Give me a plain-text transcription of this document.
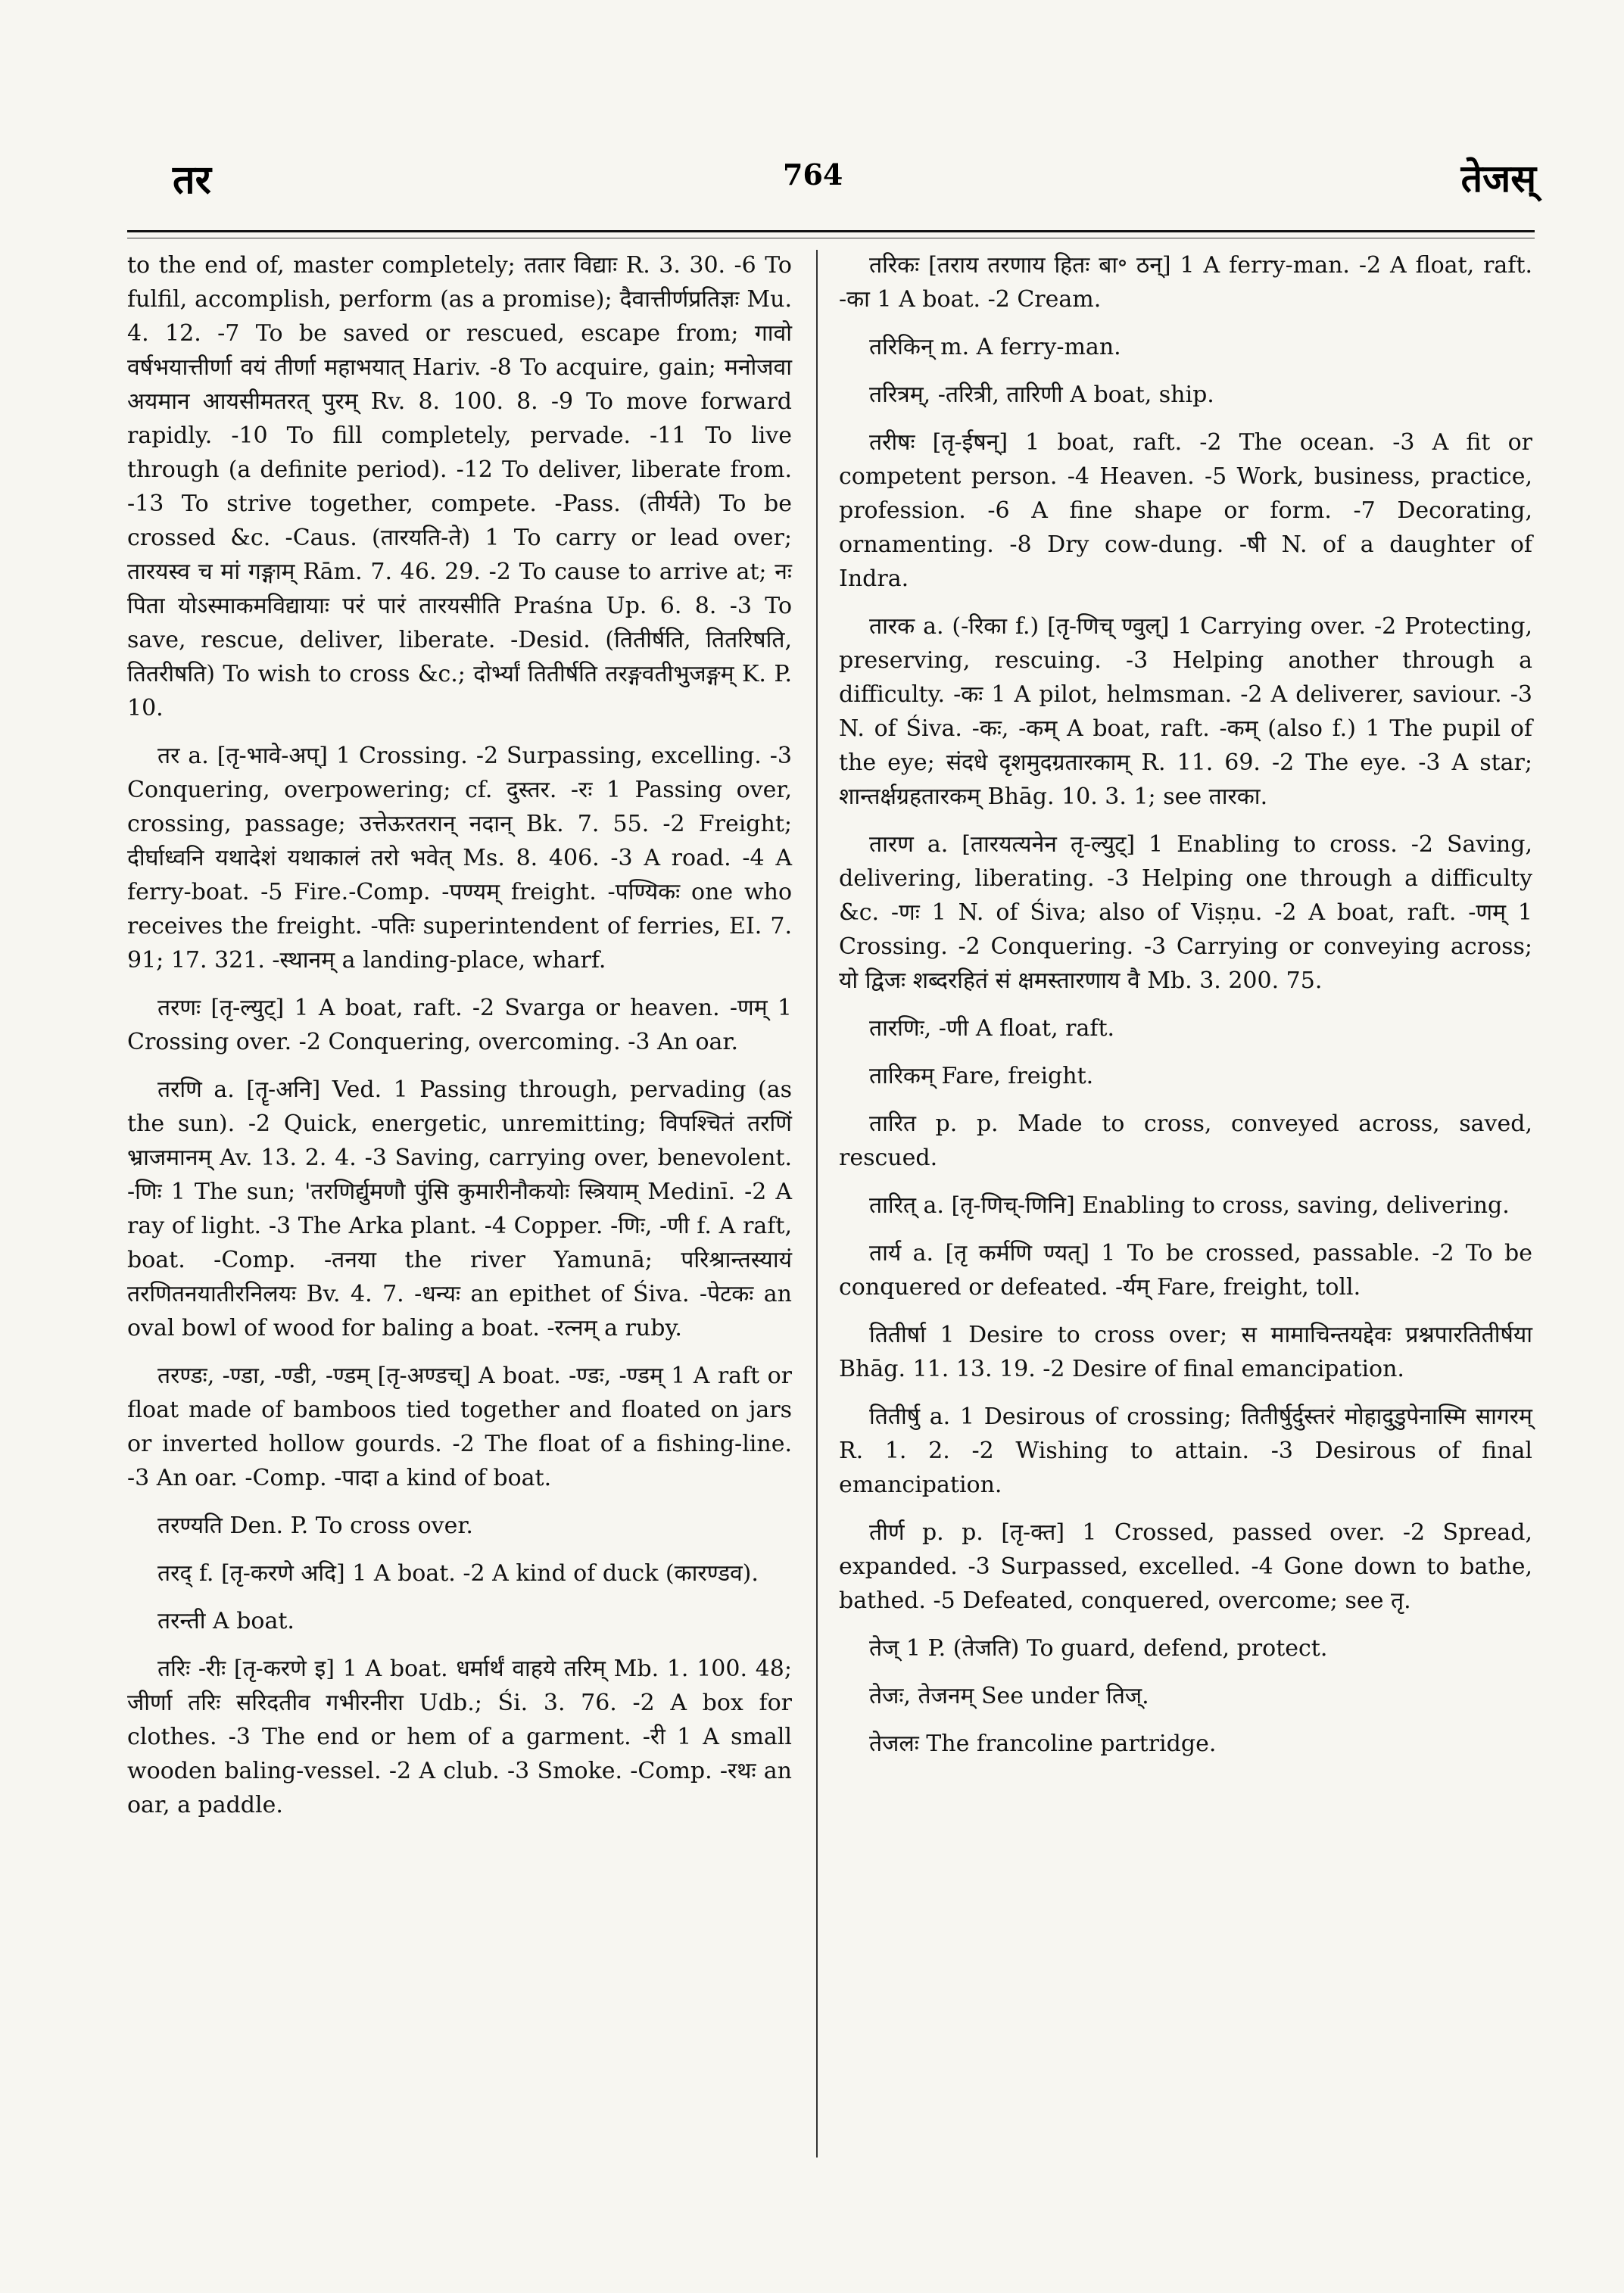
तर	764	तेजस्

to the end of, master completely; ततार विद्याः R. 3. 30. -6 To fulfil, accomplish, perform (as a promise); दैवात्तीर्णप्रतिज्ञः Mu. 4. 12. -7 To be saved or rescued, escape from; गावो वर्षभयात्तीर्णा वयं तीर्णा महाभयात् Hariv. -8 To acquire, gain; मनोजवा अयमान आयसीमतरत् पुरम् Rv. 8. 100. 8. -9 To move forward rapidly. -10 To fill completely, pervade. -11 To live through (a definite period). -12 To deliver, liberate from. -13 To strive together, compete. -Pass. (तीर्यते) To be crossed &c. -Caus. (तारयति-ते) 1 To carry or lead over; तारयस्व च मां गङ्गाम् Rām. 7. 46. 29. -2 To cause to arrive at; नः पिता योऽस्माकमविद्यायाः परं पारं तारयसीति Praśna Up. 6. 8. -3 To save, rescue, deliver, liberate. -Desid. (तितीर्षति, तितरिषति, तितरीषति) To wish to cross &c.; दोर्भ्यां तितीर्षति तरङ्गवतीभुजङ्गम् K. P. 10.

तर a. [तृ-भावे-अप्] 1 Crossing. -2 Surpassing, excelling. -3 Conquering, overpowering; cf. दुस्तर. -रः 1 Passing over, crossing, passage; उत्तेऊरतरान् नदान् Bk. 7. 55. -2 Freight; दीर्घाध्वनि यथादेशं यथाकालं तरो भवेत् Ms. 8. 406. -3 A road. -4 A ferry-boat. -5 Fire.-Comp. -पण्यम् freight. -पण्यिकः one who receives the freight. -पतिः superintendent of ferries, EI. 7. 91; 17. 321. -स्थानम् a landing-place, wharf.

तरणः [तृ-ल्युट्] 1 A boat, raft. -2 Svarga or heaven. -णम् 1 Crossing over. -2 Conquering, overcoming. -3 An oar.

तरणि a. [तॄ-अनि] Ved. 1 Passing through, pervading (as the sun). -2 Quick, energetic, unremitting; विपश्चितं तरणिं भ्राजमानम् Av. 13. 2. 4. -3 Saving, carrying over, benevolent. -णिः 1 The sun; 'तरणिर्द्युमणौ पुंसि कुमारीनौकयोः स्त्रियाम् Medinī. -2 A ray of light. -3 The Arka plant. -4 Copper. -णिः, -णी f. A raft, boat. -Comp. -तनया the river Yamunā; परिश्रान्तस्यायं तरणितनयातीरनिलयः Bv. 4. 7. -धन्यः an epithet of Śiva. -पेटकः an oval bowl of wood for baling a boat. -रत्नम् a ruby.

तरण्डः, -ण्डा, -ण्डी, -ण्डम् [तृ-अण्डच्] A boat. -ण्डः, -ण्डम् 1 A raft or float made of bamboos tied together and floated on jars or inverted hollow gourds. -2 The float of a fishing-line. -3 An oar. -Comp. -पादा a kind of boat.

तरण्यति Den. P. To cross over.

तरद् f. [तृ-करणे अदि] 1 A boat. -2 A kind of duck (कारण्डव).

तरन्ती A boat.

तरिः -रीः [तृ-करणे इ] 1 A boat. धर्मार्थं वाहये तरिम् Mb. 1. 100. 48; जीर्णा तरिः सरिदतीव गभीरनीरा Udb.; Śi. 3. 76. -2 A box for clothes. -3 The end or hem of a garment. -री 1 A small wooden baling-vessel. -2 A club. -3 Smoke. -Comp. -रथः an oar, a paddle.

तरिकः [तराय तरणाय हितः बा॰ ठन्] 1 A ferry-man. -2 A float, raft. -का 1 A boat. -2 Cream.

तरिकिन् m. A ferry-man.

तरित्रम्, -तरित्री, तारिणी A boat, ship.

तरीषः [तृ-ईषन्] 1 boat, raft. -2 The ocean. -3 A fit or competent person. -4 Heaven. -5 Work, business, practice, profession. -6 A fine shape or form. -7 Decorating, ornamenting. -8 Dry cow-dung. -षी N. of a daughter of Indra.

तारक a. (-रिका f.) [तृ-णिच् ण्वुल्] 1 Carrying over. -2 Protecting, preserving, rescuing. -3 Helping another through a difficulty. -कः 1 A pilot, helmsman. -2 A deliverer, saviour. -3 N. of Śiva. -कः, -कम् A boat, raft. -कम् (also f.) 1 The pupil of the eye; संदधे दृशमुदग्रतारकाम् R. 11. 69. -2 The eye. -3 A star; शान्तर्क्षग्रहतारकम् Bhāg. 10. 3. 1; see तारका.

तारण a. [तारयत्यनेन तृ-ल्युट्] 1 Enabling to cross. -2 Saving, delivering, liberating. -3 Helping one through a difficulty &c. -णः 1 N. of Śiva; also of Viṣṇu. -2 A boat, raft. -णम् 1 Crossing. -2 Conquering. -3 Carrying or conveying across; यो द्विजः शब्दरहितं सं क्षमस्तारणाय वै Mb. 3. 200. 75.

तारणिः, -णी A float, raft.

तारिकम् Fare, freight.

तारित p. p. Made to cross, conveyed across, saved, rescued.

तारित् a. [तृ-णिच्-णिनि] Enabling to cross, saving, delivering.

तार्य a. [तृ कर्मणि ण्यत्] 1 To be crossed, passable. -2 To be conquered or defeated. -र्यम् Fare, freight, toll.

तितीर्षा 1 Desire to cross over; स मामाचिन्तयद्देवः प्रश्नपारतितीर्षया Bhāg. 11. 13. 19. -2 Desire of final emancipation.

तितीर्षु a. 1 Desirous of crossing; तितीर्षुर्दुस्तरं मोहादुडुपेनास्मि सागरम् R. 1. 2. -2 Wishing to attain. -3 Desirous of final emancipation.

तीर्ण p. p. [तृ-क्त] 1 Crossed, passed over. -2 Spread, expanded. -3 Surpassed, excelled. -4 Gone down to bathe, bathed. -5 Defeated, conquered, overcome; see तृ.

तेज् 1 P. (तेजति) To guard, defend, protect.

तेजः, तेजनम् See under तिज्.

तेजलः The francoline partridge.
